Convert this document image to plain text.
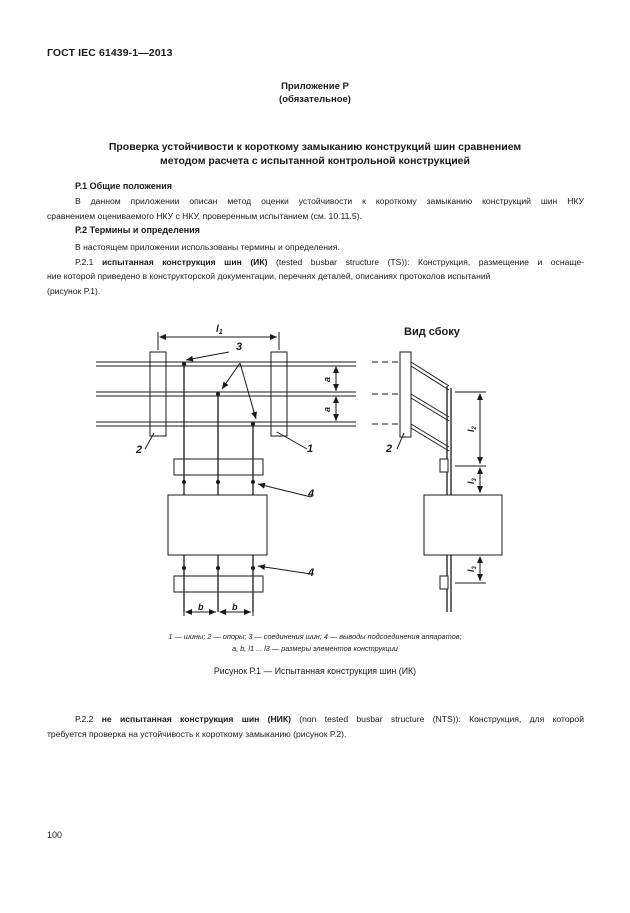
ГОСТ IEC 61439-1—2013
Приложение Р
(обязательное)
Проверка устойчивости к короткому замыканию конструкций шин сравнением
методом расчета с испытанной контрольной конструкцией
Р.1 Общие положения
В данном приложении описан метод оценки устойчивости к короткому замыканию конструкций шин НКУ
сравнением оцениваемого НКУ с НКУ, проверенным испытанием (см. 10.11.5).
Р.2 Термины и определения
В настоящем приложении использованы термины и определения.
Р.2.1 испытанная конструкция шин (ИК) (tested busbar structure (TS)): Конструкция, размещение и оснаще-
ние которой приведено в конструкторской документации, перечнях деталей, описаниях протоколов испытаний
(рисунок Р.1).
$l_1$
3
2	1
4
4
b	b
a
a
2
$l_2$
$l_3$
$l_3$
Вид сбоку
1 — шины; 2 — опоры; 3 — соединения шин; 4 — выводы подсоединения аппаратов;
a, b, l1 ... l3 — размеры элементов конструкции
Рисунок Р.1 — Испытанная конструкция шин (ИК)
Р.2.2 не испытанная конструкция шин (НИК) (non tested busbar structure (NTS)): Конструкция, для которой
требуется проверка на устойчивость к короткому замыканию (рисунок Р.2).
100
